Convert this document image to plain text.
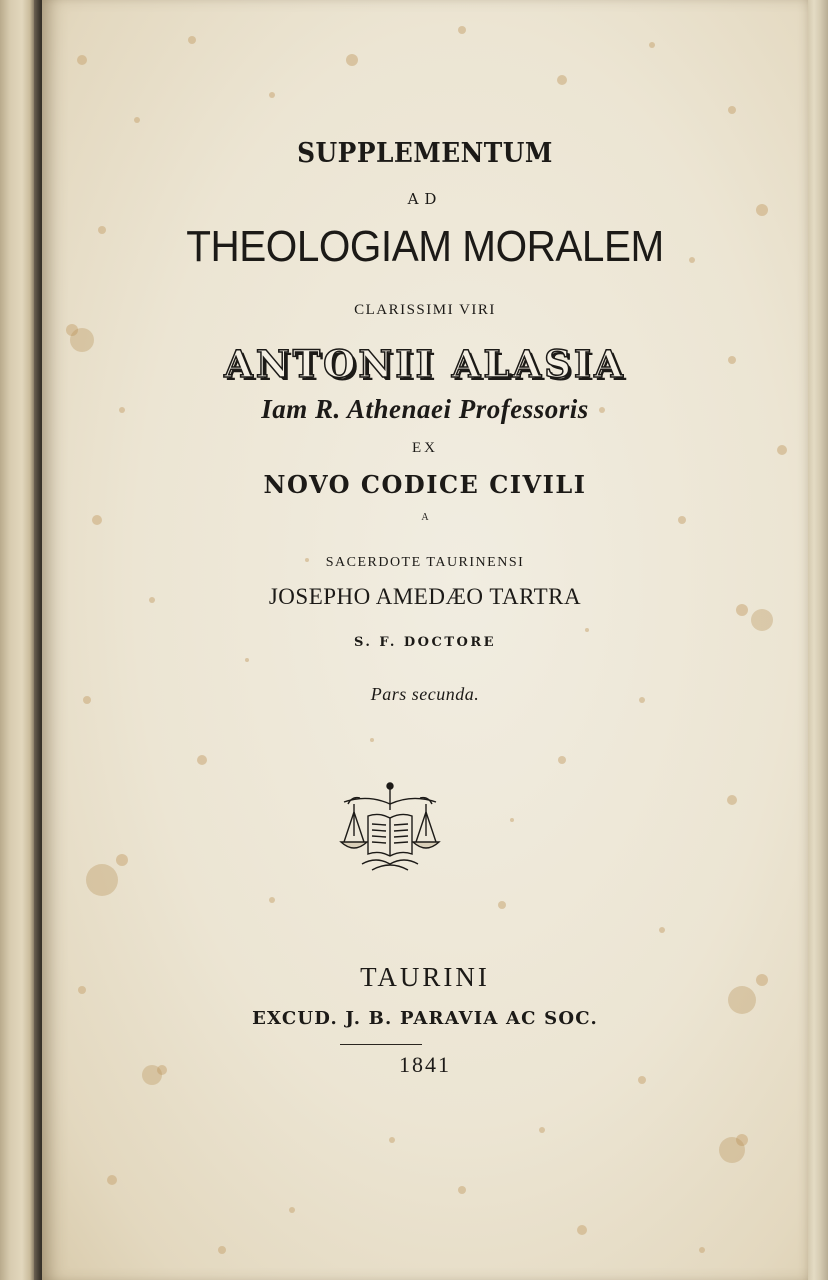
SUPPLEMENTUM

AD

THEOLOGIAM MORALEM

CLARISSIMI VIRI

ANTONII ALASIA

Iam R. Athenaei Professoris

EX

NOVO CODICE CIVILI

A

SACERDOTE TAURINENSI

JOSEPHO AMEDÆO TARTRA

S. F. DOCTORE

Pars secunda.

TAURINI

EXCUD. J. B. PARAVIA AC SOC.

1841
